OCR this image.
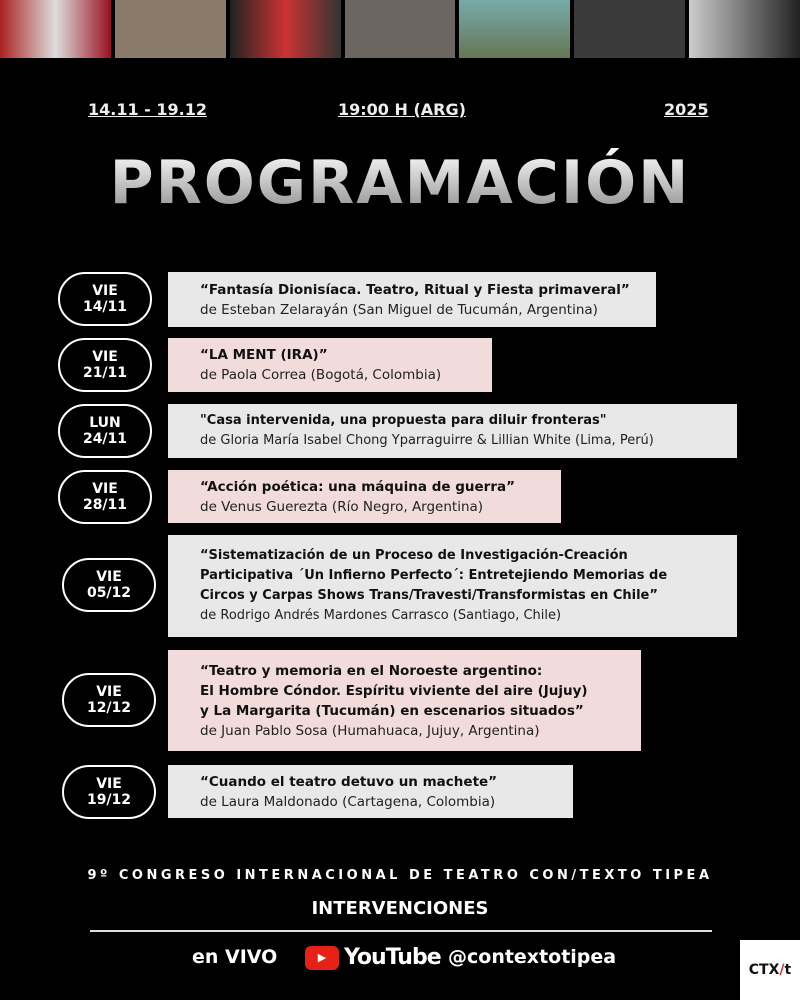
14.11 - 19.12	19:00 H (ARG)	2025
PROGRAMACIÓN
VIE
14/11
“Fantasía Dionisíaca. Teatro, Ritual y Fiesta primaveral”
de Esteban Zelarayán (San Miguel de Tucumán, Argentina)
VIE
21/11
“LA MENT (IRA)”
de Paola Correa (Bogotá, Colombia)
LUN
24/11
"Casa intervenida, una propuesta para diluir fronteras"
de Gloria María Isabel Chong Yparraguirre & Lillian White (Lima, Perú)
VIE
28/11
“Acción poética: una máquina de guerra”
de Venus Guerezta (Río Negro, Argentina)
VIE
05/12
“Sistematización de un Proceso de Investigación-Creación
Participativa ´Un Infierno Perfecto´: Entretejiendo Memorias de
Circos y Carpas Shows Trans/Travesti/Transformistas en Chile”
de Rodrigo Andrés Mardones Carrasco (Santiago, Chile)
VIE
12/12
“Teatro y memoria en el Noroeste argentino:
El Hombre Cóndor. Espíritu viviente del aire (Jujuy)
y La Margarita (Tucumán) en escenarios situados”
de Juan Pablo Sosa (Humahuaca, Jujuy, Argentina)
VIE
19/12
“Cuando el teatro detuvo un machete”
de Laura Maldonado (Cartagena, Colombia)
9º CONGRESO INTERNACIONAL DE TEATRO CON/TEXTO TIPEA
INTERVENCIONES
en VIVO	▶ YouTube @contextotipea
CTX / t
